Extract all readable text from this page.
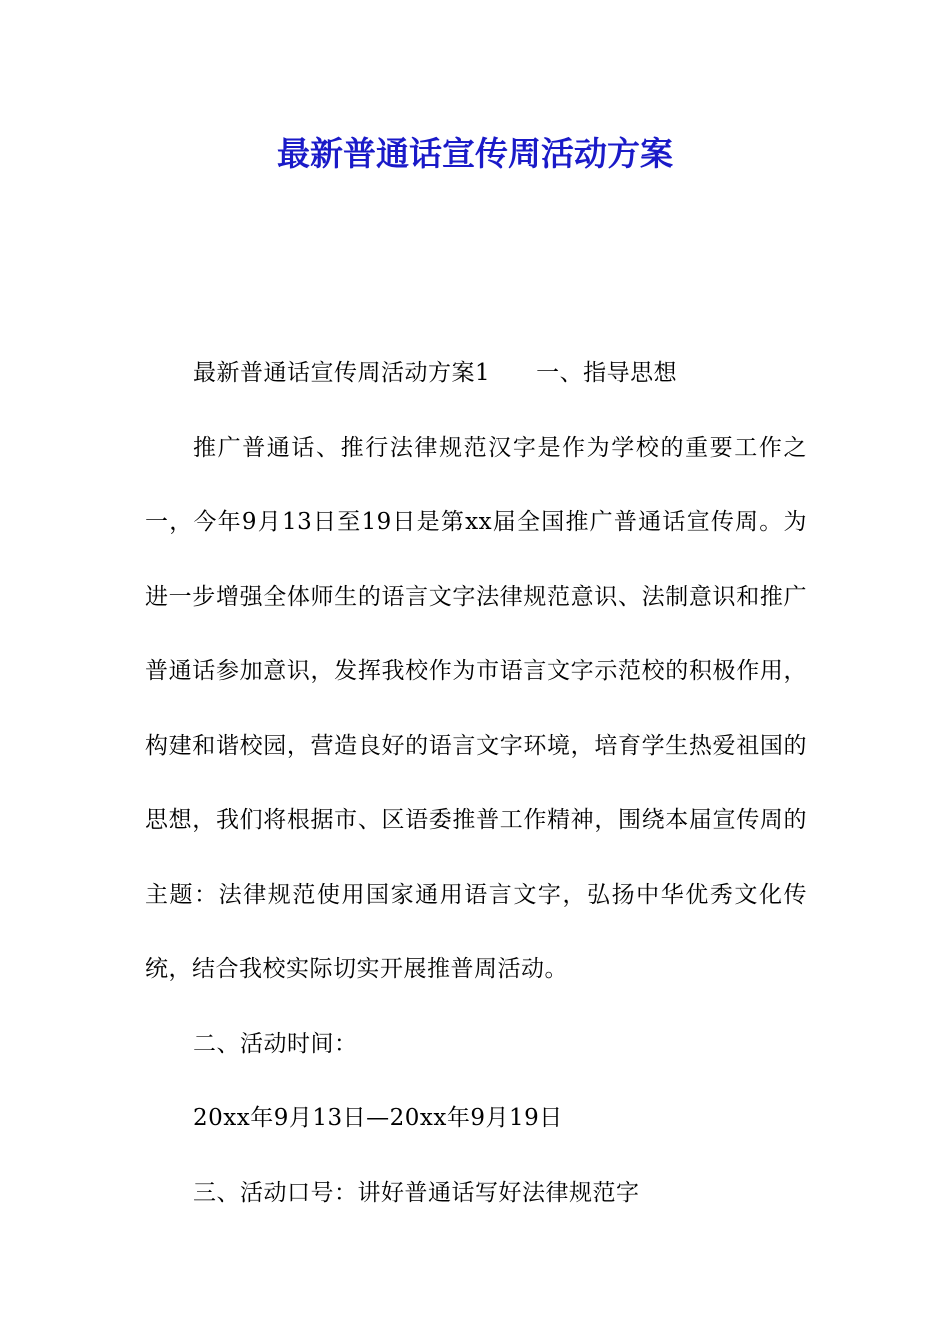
最新普通话宣传周活动方案

最新普通话宣传周活动方案1 一、指导思想

推广普通话、推行法律规范汉字是作为学校的重要工作之一，今年9月13日至19日是第xx届全国推广普通话宣传周。为进一步增强全体师生的语言文字法律规范意识、法制意识和推广普通话参加意识，发挥我校作为市语言文字示范校的积极作用，构建和谐校园，营造良好的语言文字环境，培育学生热爱祖国的思想，我们将根据市、区语委推普工作精神，围绕本届宣传周的主题：法律规范使用国家通用语言文字，弘扬中华优秀文化传统，结合我校实际切实开展推普周活动。

二、活动时间：

20xx年9月13日—20xx年9月19日

三、活动口号：讲好普通话写好法律规范字
